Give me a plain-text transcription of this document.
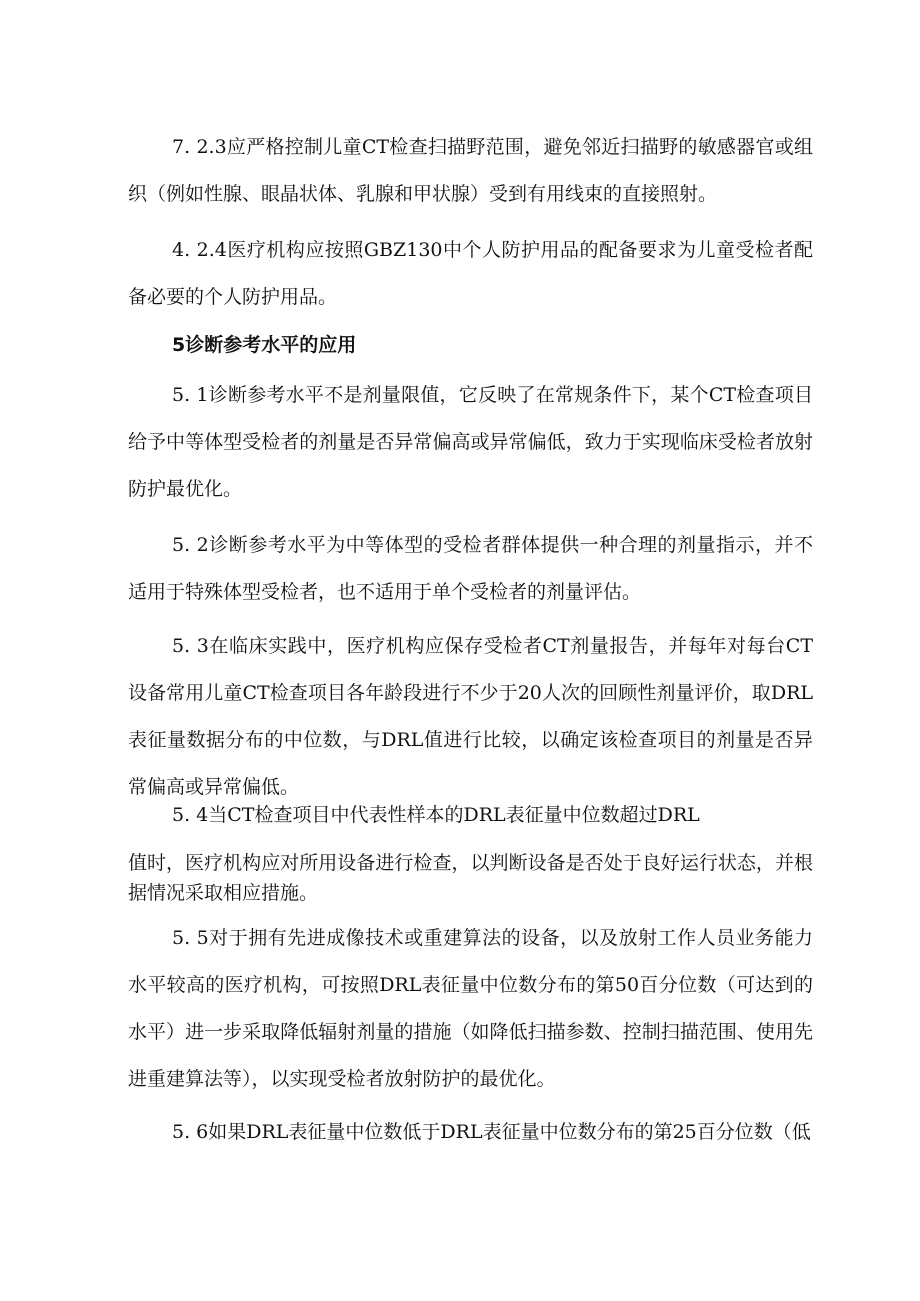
7. 2.3应严格控制儿童CT检查扫描野范围，避免邻近扫描野的敏感器官或组织（例如性腺、眼晶状体、乳腺和甲状腺）受到有用线束的直接照射。

4. 2.4医疗机构应按照GBZ130中个人防护用品的配备要求为儿童受检者配备必要的个人防护用品。

5诊断参考水平的应用

5. 1诊断参考水平不是剂量限值，它反映了在常规条件下，某个CT检查项目给予中等体型受检者的剂量是否异常偏高或异常偏低，致力于实现临床受检者放射防护最优化。

5. 2诊断参考水平为中等体型的受检者群体提供一种合理的剂量指示，并不适用于特殊体型受检者，也不适用于单个受检者的剂量评估。

5. 3在临床实践中，医疗机构应保存受检者CT剂量报告，并每年对每台CT设备常用儿童CT检查项目各年龄段进行不少于20人次的回顾性剂量评价，取DRL表征量数据分布的中位数，与DRL值进行比较，以确定该检查项目的剂量是否异常偏高或异常偏低。

5. 4当CT检查项目中代表性样本的DRL表征量中位数超过DRL

值时，医疗机构应对所用设备进行检查，以判断设备是否处于良好运行状态，并根据情况采取相应措施。

5. 5对于拥有先进成像技术或重建算法的设备，以及放射工作人员业务能力水平较高的医疗机构，可按照DRL表征量中位数分布的第50百分位数（可达到的水平）进一步采取降低辐射剂量的措施（如降低扫描参数、控制扫描范围、使用先进重建算法等），以实现受检者放射防护的最优化。

5. 6如果DRL表征量中位数低于DRL表征量中位数分布的第25百分位数（低
